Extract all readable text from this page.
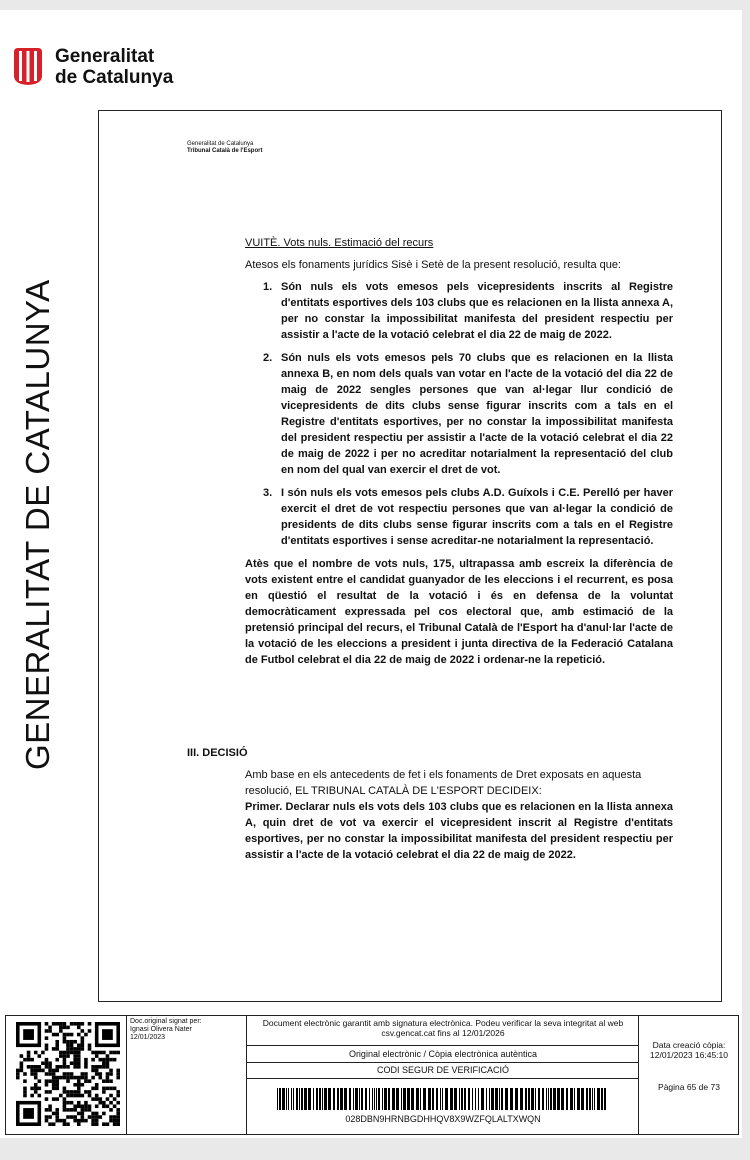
Generalitat
de Catalunya
GENERALITAT DE CATALUNYA
Generalitat de Catalunya
Tribunal Català de l'Esport
VUITÈ. Vots nuls. Estimació del recurs
Atesos els fonaments jurídics Sisè i Setè de la present resolució, resulta que:
1. Són nuls els vots emesos pels vicepresidents inscrits al Registre d'entitats esportives dels 103 clubs que es relacionen en la llista annexa A, per no constar la impossibilitat manifesta del president respectiu per assistir a l'acte de la votació celebrat el dia 22 de maig de 2022.
2. Són nuls els vots emesos pels 70 clubs que es relacionen en la llista annexa B, en nom dels quals van votar en l'acte de la votació del dia 22 de maig de 2022 sengles persones que van al·legar llur condició de vicepresidents de dits clubs sense figurar inscrits com a tals en el Registre d'entitats esportives, per no constar la impossibilitat manifesta del president respectiu per assistir a l'acte de la votació celebrat el dia 22 de maig de 2022 i per no acreditar notarialment la representació del club en nom del qual van exercir el dret de vot.
3. I són nuls els vots emesos pels clubs A.D. Guíxols i C.E. Perelló per haver exercit el dret de vot respectiu persones que van al·legar la condició de presidents de dits clubs sense figurar inscrits com a tals en el Registre d'entitats esportives i sense acreditar-ne notarialment la representació.
Atès que el nombre de vots nuls, 175, ultrapassa amb escreix la diferència de vots existent entre el candidat guanyador de les eleccions i el recurrent, es posa en qüestió el resultat de la votació i és en defensa de la voluntat democràticament expressada pel cos electoral que, amb estimació de la pretensió principal del recurs, el Tribunal Català de l'Esport ha d'anul·lar l'acte de la votació de les eleccions a president i junta directiva de la Federació Catalana de Futbol celebrat el dia 22 de maig de 2022 i ordenar-ne la repetició.
III. DECISIÓ
Amb base en els antecedents de fet i els fonaments de Dret exposats en aquesta resolució, EL TRIBUNAL CATALÀ DE L'ESPORT DECIDEIX:
Primer. Declarar nuls els vots dels 103 clubs que es relacionen en la llista annexa A, quin dret de vot va exercir el vicepresident inscrit al Registre d'entitats esportives, per no constar la impossibilitat manifesta del president respectiu per assistir a l'acte de la votació celebrat el dia 22 de maig de 2022.
Doc.original signat per:
Ignasi Olivera Nater
12/01/2023
Document electrònic garantit amb signatura electrònica. Podeu verificar la seva integritat al web csv.gencat.cat fins al 12/01/2026
Original electrònic / Còpia electrònica autèntica
CODI SEGUR DE VERIFICACIÓ
028DBN9HRNBGDHHQV8X9WZFQLALTXWQN
Data creació còpia:
12/01/2023 16:45:10
Pàgina 65 de 73
